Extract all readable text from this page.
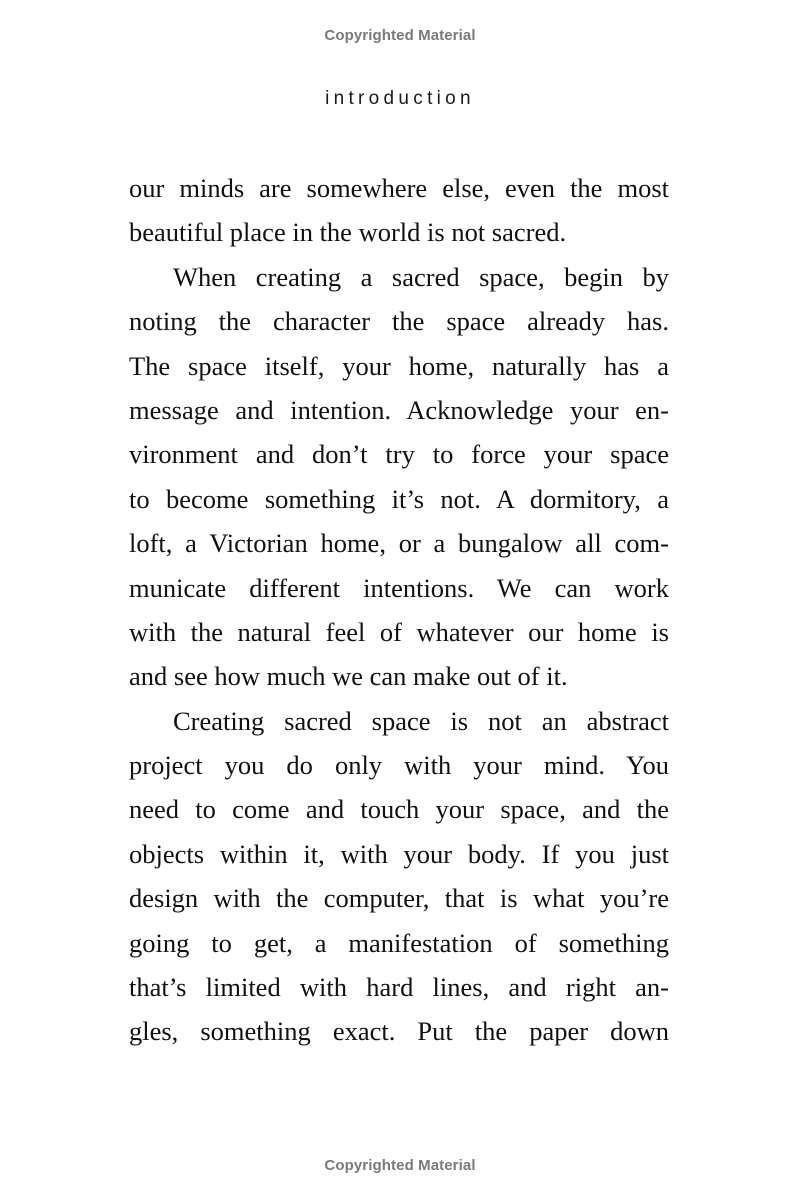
Copyrighted Material
introduction
our minds are somewhere else, even the most
beautiful place in the world is not sacred.
When creating a sacred space, begin by
noting the character the space already has.
The space itself, your home, naturally has a
message and intention. Acknowledge your en-
vironment and don’t try to force your space
to become something it’s not. A dormitory, a
loft, a Victorian home, or a bungalow all com-
municate different intentions. We can work
with the natural feel of whatever our home is
and see how much we can make out of it.
Creating sacred space is not an abstract
project you do only with your mind. You
need to come and touch your space, and the
objects within it, with your body. If you just
design with the computer, that is what you’re
going to get, a manifestation of something
that’s limited with hard lines, and right an-
gles, something exact. Put the paper down
Copyrighted Material
